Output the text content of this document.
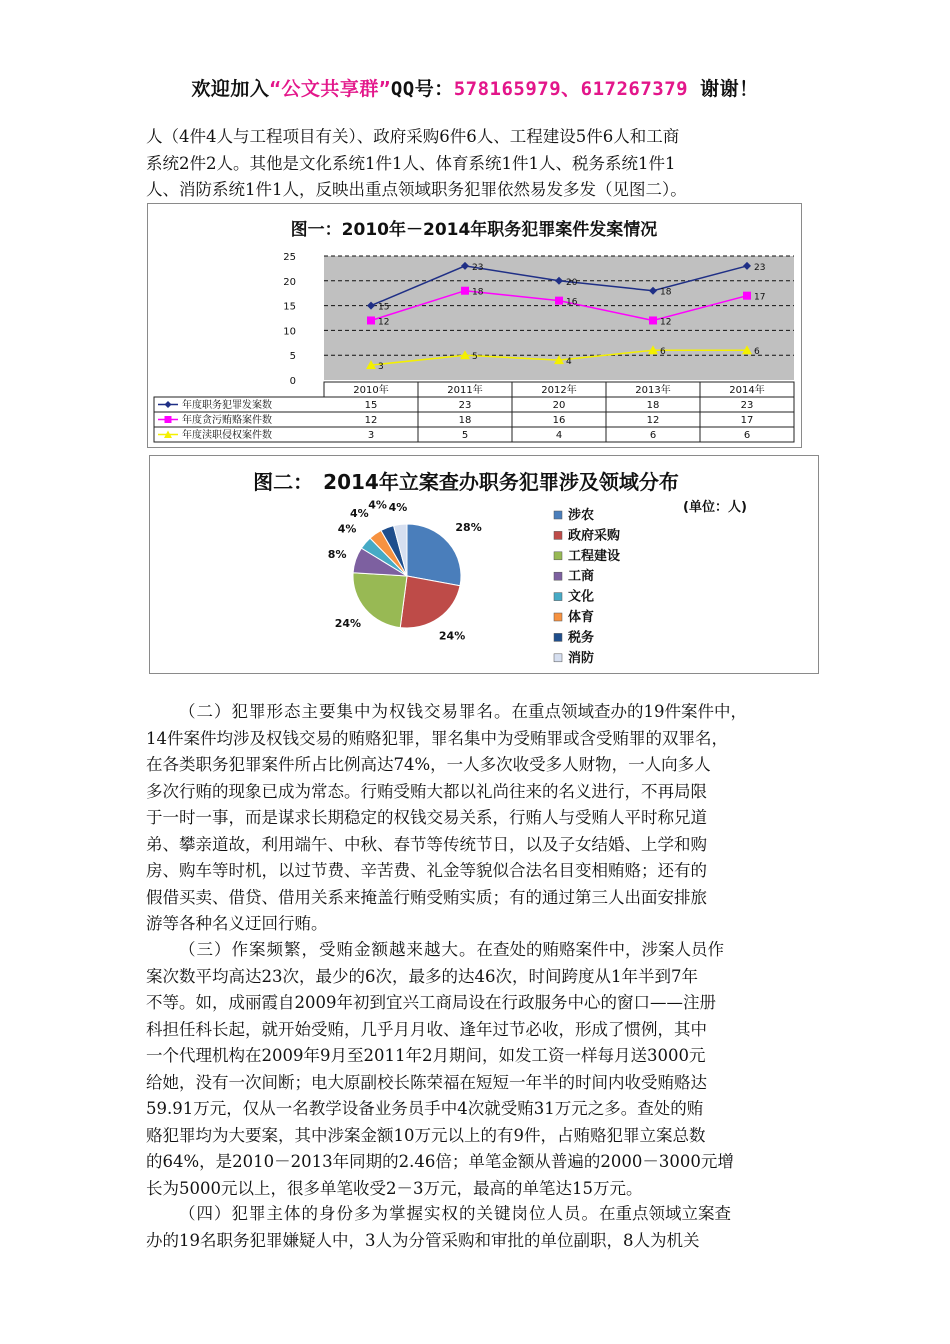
欢迎加入“公文共享群”QQ号：578165979、617267379 谢谢！

人（4件4人与工程项目有关）、政府采购6件6人、工程建设5件6人和工商
系统2件2人。其他是文化系统1件1人、体育系统1件1人、税务系统1件1
人、消防系统1件1人，反映出重点领域职务犯罪依然易发多发（见图二）。

图一：2010年－2014年职务犯罪案件发案情况
0
5
10
15
20
25
15
23
20
18
23
12
18
16
12
17
3
5	4
6	6
2010年	2011年	2012年	2013年	2014年
年度职务犯罪发案数	15	23	20	18	23
年度贪污贿赂案件数	12	18	16	12	17
年度渎职侵权案件数	3	5	4	6	6
图二：　2014年立案查办职务犯罪涉及领域分布
(单位：人)
28%
24%
24%
8%
4%
4%
4% 4%
涉农
政府采购
工程建设
工商
文化
体育
税务
消防

（二）犯罪形态主要集中为权钱交易罪名。在重点领域查办的19件案件中，
14件案件均涉及权钱交易的贿赂犯罪，罪名集中为受贿罪或含受贿罪的双罪名，
在各类职务犯罪案件所占比例高达74%，一人多次收受多人财物，一人向多人
多次行贿的现象已成为常态。行贿受贿大都以礼尚往来的名义进行，不再局限
于一时一事，而是谋求长期稳定的权钱交易关系，行贿人与受贿人平时称兄道
弟、攀亲道故，利用端午、中秋、春节等传统节日，以及子女结婚、上学和购
房、购车等时机，以过节费、辛苦费、礼金等貌似合法名目变相贿赂；还有的
假借买卖、借贷、借用关系来掩盖行贿受贿实质；有的通过第三人出面安排旅
游等各种名义迂回行贿。

（三）作案频繁，受贿金额越来越大。在查处的贿赂案件中，涉案人员作
案次数平均高达23次，最少的6次，最多的达46次，时间跨度从1年半到7年
不等。如，成丽霞自2009年初到宜兴工商局设在行政服务中心的窗口——注册
科担任科长起，就开始受贿，几乎月月收、逢年过节必收，形成了惯例，其中
一个代理机构在2009年9月至2011年2月期间，如发工资一样每月送3000元
给她，没有一次间断；电大原副校长陈荣福在短短一年半的时间内收受贿赂达
59.91万元，仅从一名教学设备业务员手中4次就受贿31万元之多。查处的贿
赂犯罪均为大要案，其中涉案金额10万元以上的有9件，占贿赂犯罪立案总数
的64%，是2010－2013年同期的2.46倍；单笔金额从普遍的2000－3000元增
长为5000元以上，很多单笔收受2－3万元，最高的单笔达15万元。

（四）犯罪主体的身份多为掌握实权的关键岗位人员。在重点领域立案查
办的19名职务犯罪嫌疑人中，3人为分管采购和审批的单位副职，8人为机关
